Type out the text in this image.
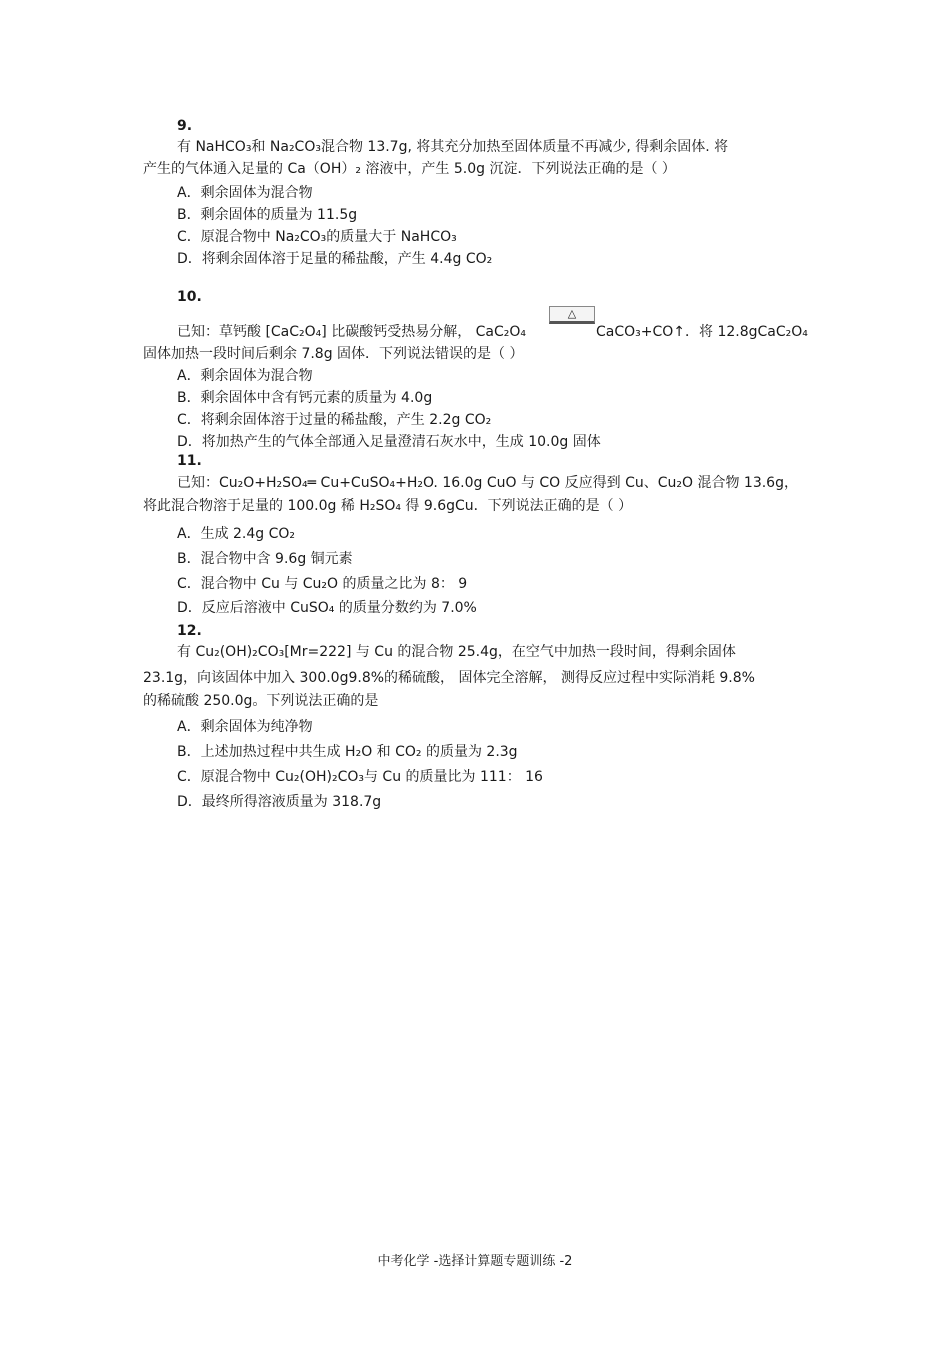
9.
有 NaHCO₃和 Na₂CO₃混合物 13.7g, 将其充分加热至固体质量不再减少, 得剩余固体. 将
产生的气体通入足量的 Ca（OH）₂ 溶液中，产生 5.0g 沉淀．下列说法正确的是（ ）
A．剩余固体为混合物
B．剩余固体的质量为 11.5g
C．原混合物中 Na₂CO₃的质量大于 NaHCO₃
D．将剩余固体溶于足量的稀盐酸，产生 4.4g CO₂
10.
已知：草钙酸 [CaC₂O₄] 比碳酸钙受热易分解， CaC₂O₄
△
CaCO₃+CO↑．将 12.8gCaC₂O₄
固体加热一段时间后剩余 7.8g 固体．下列说法错误的是（ ）
A．剩余固体为混合物
B．剩余固体中含有钙元素的质量为 4.0g
C．将剩余固体溶于过量的稀盐酸，产生 2.2g CO₂
D．将加热产生的气体全部通入足量澄清石灰水中，生成 10.0g 固体
11.
已知：Cu₂O+H₂SO₄═ Cu+CuSO₄+H₂O. 16.0g CuO 与 CO 反应得到 Cu、Cu₂O 混合物 13.6g，
将此混合物溶于足量的 100.0g 稀 H₂SO₄ 得 9.6gCu．下列说法正确的是（ ）
A．生成 2.4g CO₂
B．混合物中含 9.6g 铜元素
C．混合物中 Cu 与 Cu₂O 的质量之比为 8： 9
D．反应后溶液中 CuSO₄ 的质量分数约为 7.0%
12.
有 Cu₂(OH)₂CO₃[Mr=222] 与 Cu 的混合物 25.4g，在空气中加热一段时间，得剩余固体
23.1g，向该固体中加入 300.0g9.8%的稀硫酸， 固体完全溶解， 测得反应过程中实际消耗 9.8%
的稀硫酸 250.0g。下列说法正确的是
A．剩余固体为纯净物
B．上述加热过程中共生成 H₂O 和 CO₂ 的质量为 2.3g
C．原混合物中 Cu₂(OH)₂CO₃与 Cu 的质量比为 111： 16
D．最终所得溶液质量为 318.7g
中考化学 -选择计算题专题训练 -2
